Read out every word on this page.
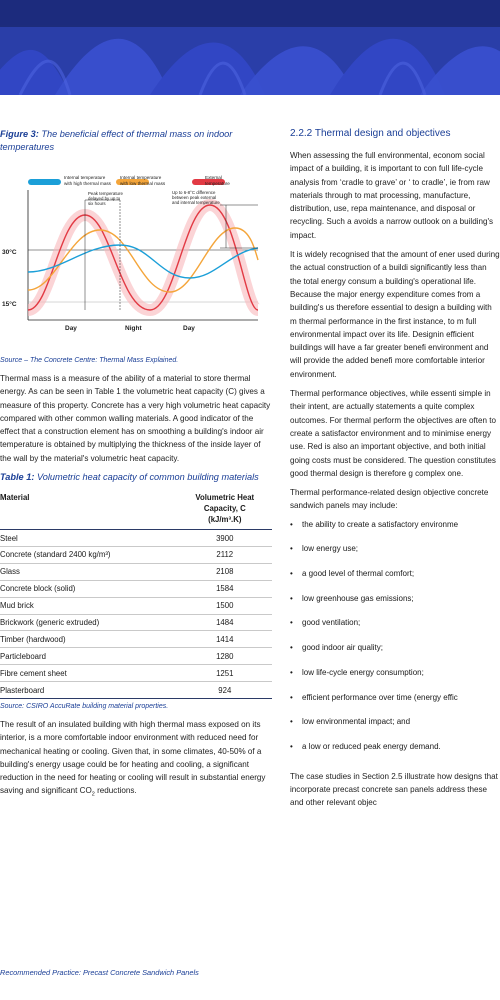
Figure 3: The beneficial effect of thermal mass on indoor temperatures
Internal temperature
with high thermal mass
Internal temperature
with low thermal mass
External
temperature
Peak temperature
delayed by up to
six hours
Up to 6-8°C difference
between peak external
and internal temperature
30°C
15°C
Day	Night	Day
Source – The Concrete Centre: Thermal Mass Explained.

Thermal mass is a measure of the ability of a material to store thermal energy. As can be seen in Table 1 the volumetric heat capacity (C) gives a measure of this property. Concrete has a very high volumetric heat capacity compared with other common walling materials. A good indicator of the effect that a construction element has on smoothing a building's indoor air temperature is obtained by multiplying the thickness of the inside layer of the wall by the material's volumetric heat capacity.

Table 1: Volumetric heat capacity of common building materials
Material	Volumetric Heat
Capacity, C
(kJ/m³.K)
Steel	3900
Concrete (standard 2400 kg/m³)	2112
Glass	2108
Concrete block (solid)	1584
Mud brick	1500
Brickwork (generic extruded)	1484
Timber (hardwood)	1414
Particleboard	1280
Fibre cement sheet	1251
Plasterboard	924
Source: CSIRO AccuRate building material properties.

The result of an insulated building with high thermal mass exposed on its interior, is a more comfortable indoor environment with reduced need for mechanical heating or cooling. Given that, in some climates, 40-50% of a building's energy usage could be for heating and cooling, a significant reduction in the need for heating or cooling will result in substantial energy saving and significant $CO_2$ reductions.

2.2.2 Thermal design and objectives

When assessing the full environmental, econom social impact of a building, it is important to con full life-cycle analysis from ‘cradle to grave’ or ‘ to cradle’, ie from raw materials through to mat processing, manufacture, distribution, use, repa maintenance, and disposal or recycling. Such a avoids a narrow outlook on a building's impact.

It is widely recognised that the amount of ener used during the actual construction of a buildi significantly less than the total energy consum a building's operational life. Because the major energy expenditure comes from a building's us therefore essential to design a building with m thermal performance in the first instance, to m full environmental impact over its life. Designin efficient buildings will have a far greater benefi environment and will provide the added benefi more comfortable interior environment.

Thermal performance objectives, while essenti simple in their intent, are actually statements a quite complex outcomes. For thermal perform the objectives are often to create a satisfactor environment and to minimise energy use. Red is also an important objective, and both initial going costs must be considered. The question constitutes good thermal design is therefore g complex one.

Thermal performance-related design objective concrete sandwich panels may include:

• the ability to create a satisfactory environme
• low energy use;
• a good level of thermal comfort;
• low greenhouse gas emissions;
• good ventilation;
• good indoor air quality;
• low life-cycle energy consumption;
• efficient performance over time (energy effic
• low environmental impact; and
• a low or reduced peak energy demand.

The case studies in Section 2.5 illustrate how designs that incorporate precast concrete san panels address these and other relevant objec

Recommended Practice: Precast Concrete Sandwich Panels
